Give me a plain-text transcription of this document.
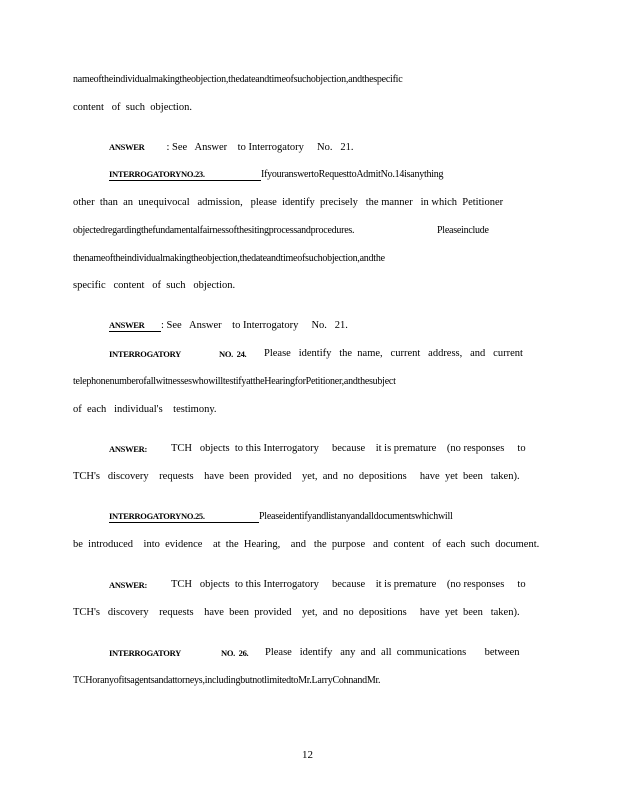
nameoftheindividualmakingtheobjection,thedateandtimeofsuchobjection,andthespecific
content   of  such  objection.
ANSWER : See   Answer    to Interrogatory     No.   21.
INTERROGATORYNO.23.	IfyouranswertoRequesttoAdmitNo.14isanything
other  than  an  unequivocal   admission,   please  identify  precisely   the manner   in which  Petitioner
objectedregardingthefundamentalfairnessofthesitingprocessandprocedures.	Pleaseinclude
thenameoftheindividualmakingtheobjection,thedateandtimeofsuchobjection,andthe
specific   content   of  such   objection.
ANSWER : See   Answer    to Interrogatory     No.   21.
INTERROGATORY	NO.  24. Please   identify   the  name,   current   address,   and   current
telephonenumberofallwitnesseswhowilltestifyattheHearingforPetitioner,andthesubject
of  each   individual's    testimony.
ANSWER: TCH   objects  to this Interrogatory     because    it is premature    (no responses     to
TCH's   discovery    requests    have  been  provided    yet,  and  no  depositions     have  yet  been   taken).
INTERROGATORYNO.25.	Pleaseidentifyandlistanyandalldocumentswhichwill
be  introduced    into  evidence    at  the  Hearing,    and   the  purpose   and  content   of  each  such  document.
ANSWER: TCH   objects  to this Interrogatory     because    it is premature    (no responses     to
TCH's   discovery    requests    have  been  provided    yet,  and  no  depositions     have  yet  been   taken).
INTERROGATORY	NO.  26. Please   identify   any  and  all  communications       between
TCHoranyofitsagentsandattorneys,includingbutnotlimitedtoMr.LarryCohnandMr.
12
